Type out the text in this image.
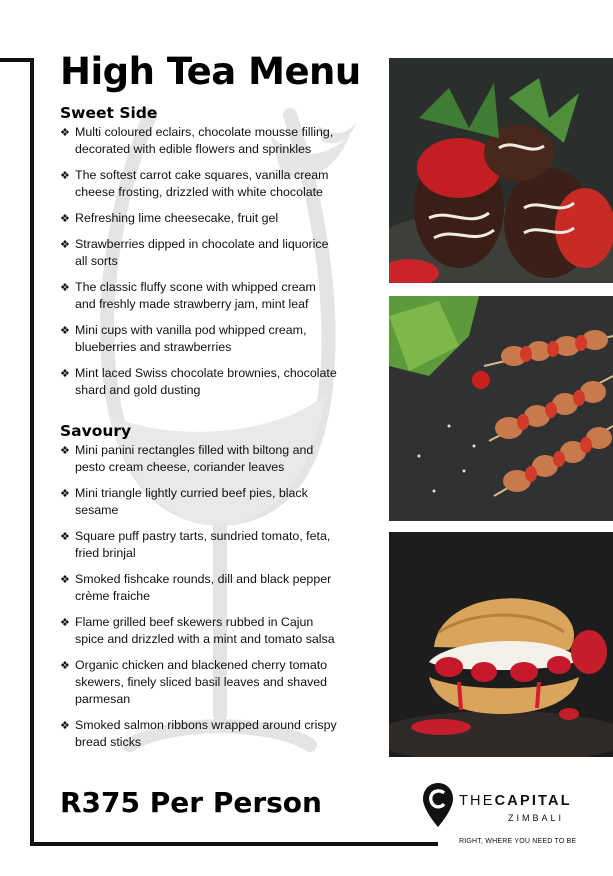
High Tea Menu
Sweet Side
❖ Multi coloured eclairs, chocolate mousse filling,
decorated with edible flowers and sprinkles
❖ The softest carrot cake squares, vanilla cream
cheese frosting, drizzled with white chocolate
❖ Refreshing lime cheesecake, fruit gel
❖ Strawberries dipped in chocolate and liquorice
all sorts
❖ The classic fluffy scone with whipped cream
and freshly made strawberry jam, mint leaf
❖ Mini cups with vanilla pod whipped cream,
blueberries and strawberries
❖ Mint laced Swiss chocolate brownies, chocolate
shard and gold dusting
Savoury
❖ Mini panini rectangles filled with biltong and
pesto cream cheese, coriander leaves
❖ Mini triangle lightly curried beef pies, black
sesame
❖ Square puff pastry tarts, sundried tomato, feta,
fried brinjal
❖ Smoked fishcake rounds, dill and black pepper
crème fraiche
❖ Flame grilled beef skewers rubbed in Cajun
spice and drizzled with a mint and tomato salsa
❖ Organic chicken and blackened cherry tomato
skewers, finely sliced basil leaves and shaved
parmesan
❖ Smoked salmon ribbons wrapped around crispy
bread sticks
R375 Per Person	THECAPITAL
ZIMBALI
RIGHT, WHERE YOU NEED TO BE
